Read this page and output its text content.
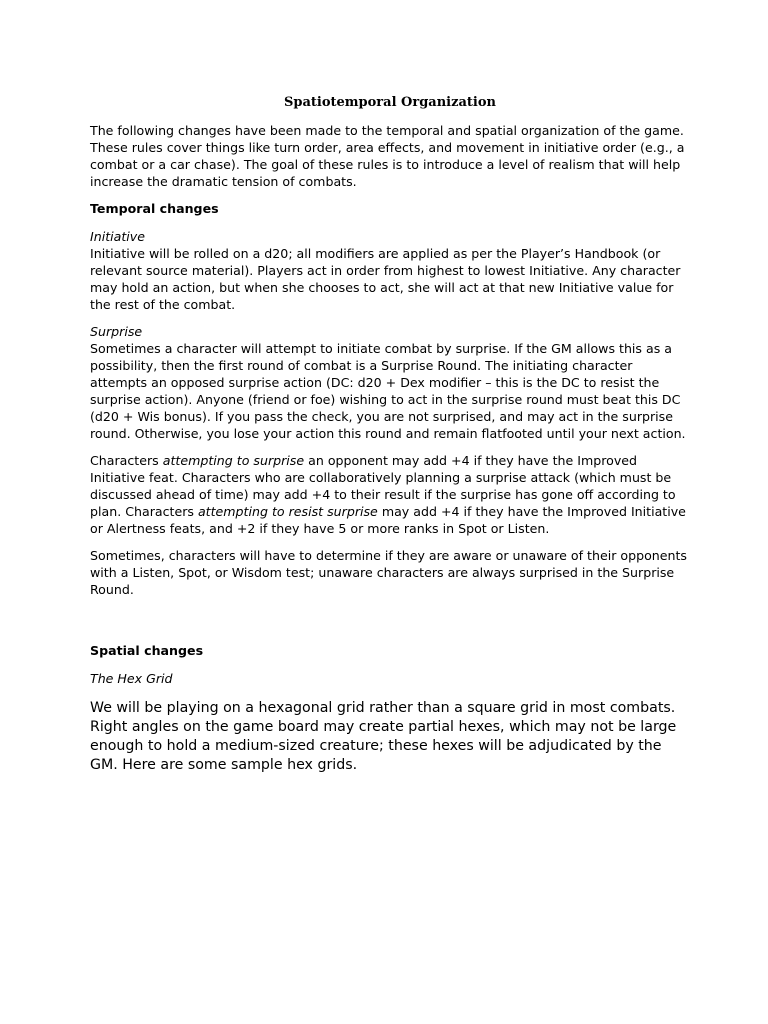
Spatiotemporal Organization

The following changes have been made to the temporal and spatial organization of the game. These rules cover things like turn order, area effects, and movement in initiative order (e.g., a combat or a car chase). The goal of these rules is to introduce a level of realism that will help increase the dramatic tension of combats.

Temporal changes

Initiative
Initiative will be rolled on a d20; all modifiers are applied as per the Player’s Handbook (or relevant source material). Players act in order from highest to lowest Initiative. Any character may hold an action, but when she chooses to act, she will act at that new Initiative value for the rest of the combat.

Surprise
Sometimes a character will attempt to initiate combat by surprise. If the GM allows this as a possibility, then the first round of combat is a Surprise Round. The initiating character attempts an opposed surprise action (DC: d20 + Dex modifier – this is the DC to resist the surprise action). Anyone (friend or foe) wishing to act in the surprise round must beat this DC (d20 + Wis bonus). If you pass the check, you are not surprised, and may act in the surprise round. Otherwise, you lose your action this round and remain flatfooted until your next action.

Characters attempting to surprise an opponent may add +4 if they have the Improved Initiative feat. Characters who are collaboratively planning a surprise attack (which must be discussed ahead of time) may add +4 to their result if the surprise has gone off according to plan. Characters attempting to resist surprise may add +4 if they have the Improved Initiative or Alertness feats, and +2 if they have 5 or more ranks in Spot or Listen.

Sometimes, characters will have to determine if they are aware or unaware of their opponents with a Listen, Spot, or Wisdom test; unaware characters are always surprised in the Surprise Round.

Spatial changes

The Hex Grid

We will be playing on a hexagonal grid rather than a square grid in most combats. Right angles on the game board may create partial hexes, which may not be large enough to hold a medium-sized creature; these hexes will be adjudicated by the GM. Here are some sample hex grids.
